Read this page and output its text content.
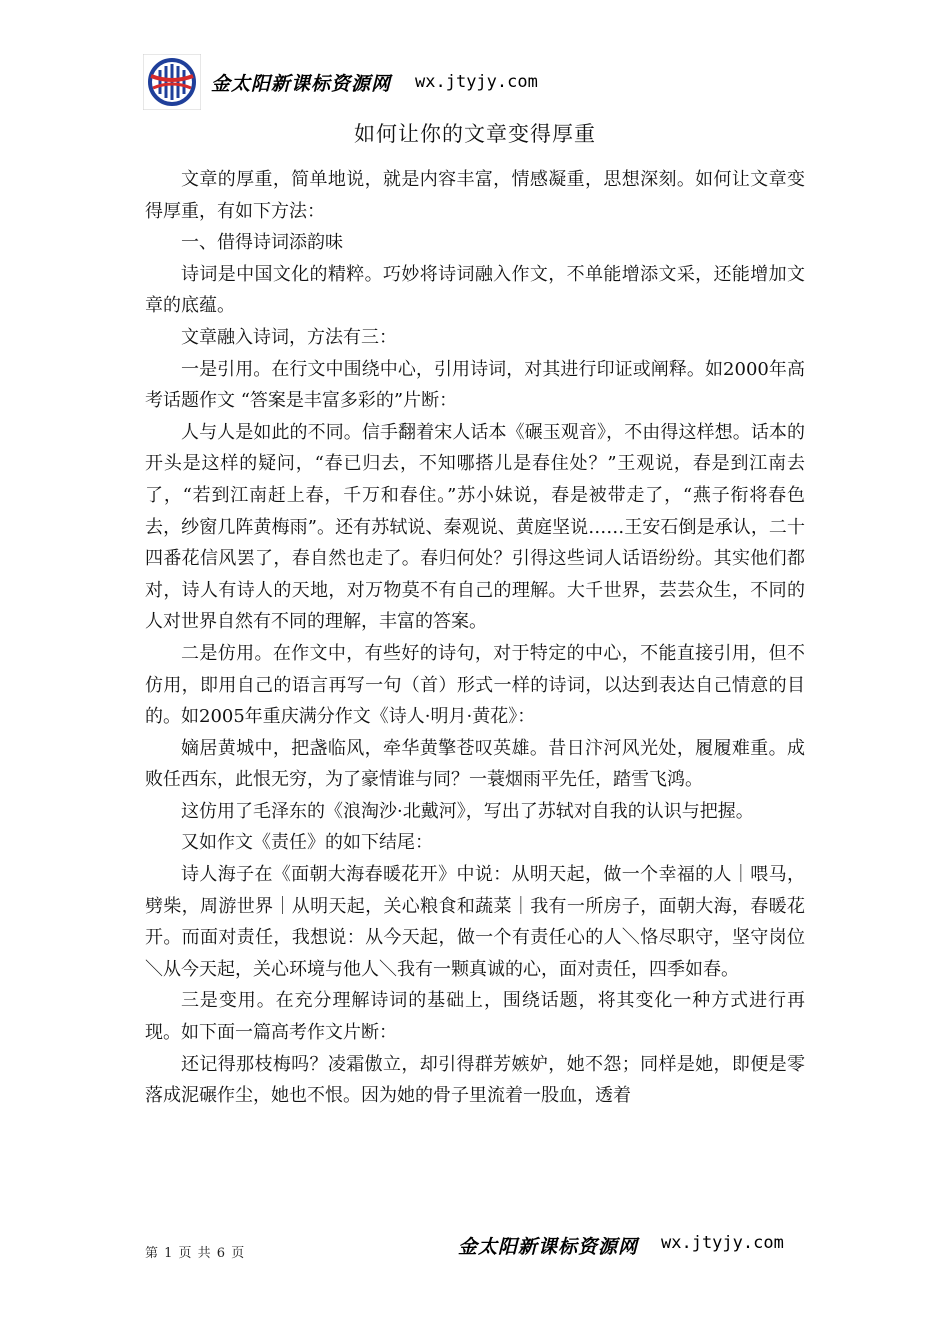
金太阳新课标资源网 wx.jtyjy.com
如何让你的文章变得厚重

文章的厚重，简单地说，就是内容丰富，情感凝重，思想深刻。如何让文章变得厚重，有如下方法：

一、借得诗词添韵味

诗词是中国文化的精粹。巧妙将诗词融入作文，不单能增添文采，还能增加文章的底蕴。

文章融入诗词，方法有三：

一是引用。在行文中围绕中心，引用诗词，对其进行印证或阐释。如2000年高考话题作文 “答案是丰富多彩的”片断：

人与人是如此的不同。信手翻着宋人话本《碾玉观音》，不由得这样想。话本的开头是这样的疑问，“春已归去，不知哪搭儿是春住处？”王观说，春是到江南去了，“若到江南赶上春，千万和春住。”苏小妹说，春是被带走了，“燕子衔将春色去，纱窗几阵黄梅雨”。还有苏轼说、秦观说、黄庭坚说……王安石倒是承认，二十四番花信风罢了，春自然也走了。春归何处？引得这些词人话语纷纷。其实他们都对，诗人有诗人的天地，对万物莫不有自己的理解。大千世界，芸芸众生，不同的人对世界自然有不同的理解，丰富的答案。

二是仿用。在作文中，有些好的诗句，对于特定的中心，不能直接引用，但不仿用，即用自己的语言再写一句（首）形式一样的诗词，以达到表达自己情意的目的。如2005年重庆满分作文《诗人·明月·黄花》：

嫡居黄城中，把盏临风，牵华黄擎苍叹英雄。昔日汴河风光处，履履难重。成败任西东，此恨无穷，为了豪情谁与同？一蓑烟雨平先任，踏雪飞鸿。

这仿用了毛泽东的《浪淘沙·北戴河》，写出了苏轼对自我的认识与把握。

又如作文《责任》的如下结尾：

诗人海子在《面朝大海春暖花开》中说：从明天起，做一个幸福的人｜喂马，劈柴，周游世界｜从明天起，关心粮食和蔬菜｜我有一所房子，面朝大海，春暖花开。而面对责任，我想说：从今天起，做一个有责任心的人＼恪尽职守，坚守岗位＼从今天起，关心环境与他人＼我有一颗真诚的心，面对责任，四季如春。

三是变用。在充分理解诗词的基础上，围绕话题，将其变化一种方式进行再现。如下面一篇高考作文片断：

还记得那枝梅吗？凌霜傲立，却引得群芳嫉妒，她不怨；同样是她，即便是零落成泥碾作尘，她也不恨。因为她的骨子里流着一股血，透着

第 1 页 共 6 页	金太阳新课标资源网 wx.jtyjy.com
